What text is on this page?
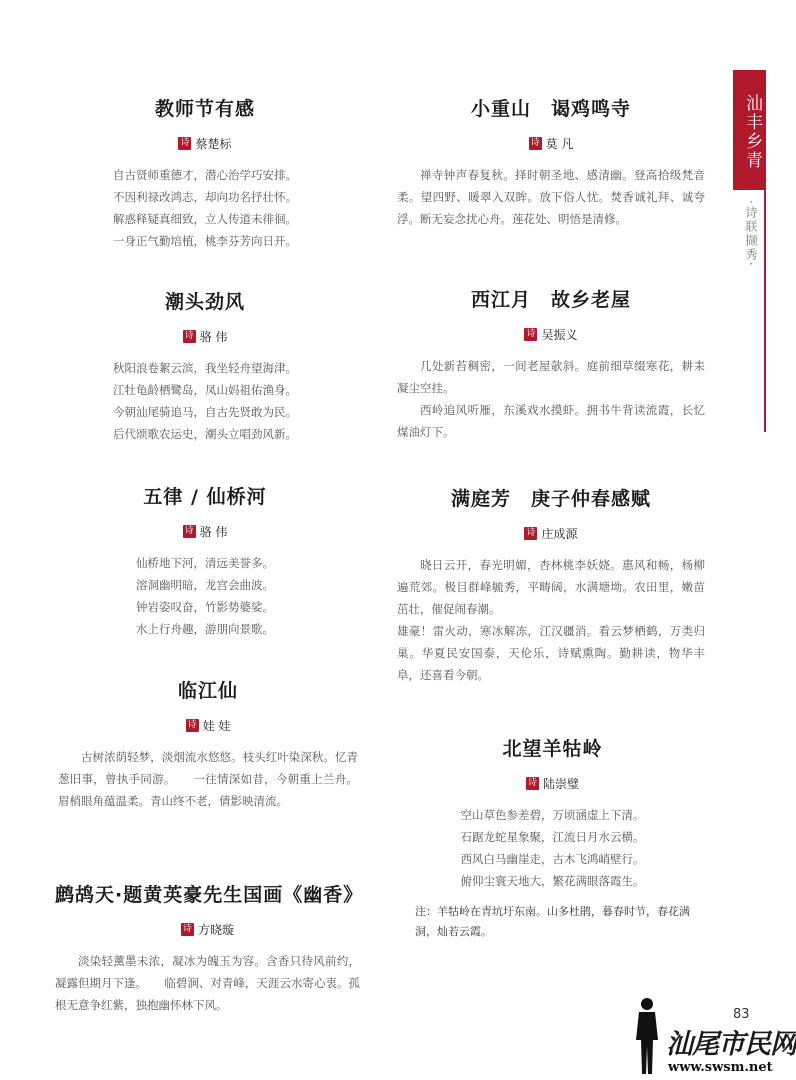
汕丰乡青
·诗联撷秀·
教师节有感
诗 蔡楚标
自古贤师重德才，潜心治学巧安排。
不因利禄改鸿志，却向功名抒壮怀。
解惑释疑真细致，立人传道未徘徊。
一身正气勤培植，桃李芬芳向日开。
潮头劲风
诗 骆 伟
秋阳浪卷絮云滨，我坐轻舟望海津。
江牡龟龄栖鹭岛，凤山妈祖佑渔身。
今朝汕尾骑追马，自古先贤敢为民。
后代颂歌农运史，潮头立唱劲风新。
五律 / 仙桥河
诗 骆 伟
仙桥地下河，清远美誉多。
溶洞幽明暗，龙宫会曲波。
钟岩姿叹奋，竹影势婆娑。
水上行舟趣，游朋向景歌。
临江仙
诗 娃 娃

古树浓荫轻梦，淡烟流水悠悠。枝头红叶染深秋。忆青葱旧事，曾执手同游。　　一往情深如昔，今朝重上兰舟。眉梢眼角蕴温柔。青山终不老，倩影映清流。

鹧鸪天·题黄英豪先生国画《幽香》
诗 方晓璇

淡染轻薰墨未浓，凝冰为魄玉为容。含香只待风前约，凝露但期月下逢。　　临碧涧、对青峰，天涯云水寄心衷。孤根无意争红紫，独抱幽怀林下风。

小重山　谒鸡鸣寺
诗 莫 凡

禅寺钟声春复秋。择时朝圣地、感清幽。登高拾级梵音柔。望四野、暖翠入双眸。放下俗人忧。焚香诚礼拜、诚夸浮。断无妄念扰心舟。莲花处、明悟是清修。

西江月　故乡老屋
诗 吴振义

几处新苔稠密，一间老屋欹斜。庭前细草缀寒花，耕耒凝尘空挂。

西岭追风听雁，东溪戏水摸虾。拥书牛背读流霞，长忆煤油灯下。

满庭芳　庚子仲春感赋
诗 庄成源

晓日云开，春光明媚，杏林桃李妖娆。惠风和畅，杨柳遍荒郊。极目群峰毓秀，平畴阔，水满塘坳。农田里，嫩苗茁壮，催促闹春潮。

雄豪！雷火动，寒冰解冻，江汉疆消。看云梦栖鹤，万类归巢。华夏民安国泰，天伦乐，诗赋熏陶。勤耕读，物华丰阜，还喜看今朝。

北望羊牯岭
诗 陆崇璧
空山草色参差碧，万顷涵虚上下清。
石踞龙蛇星象聚，江流日月水云横。
西风白马幽崖走，古木飞鸿峭壁行。
俯仰尘寰天地大，繁花满眼落霞生。
注：羊牯岭在青坑圩东南。山多杜鹃，暮春时节，春花满洞，灿若云霞。
83
汕尾市民网
www.swsm.net
